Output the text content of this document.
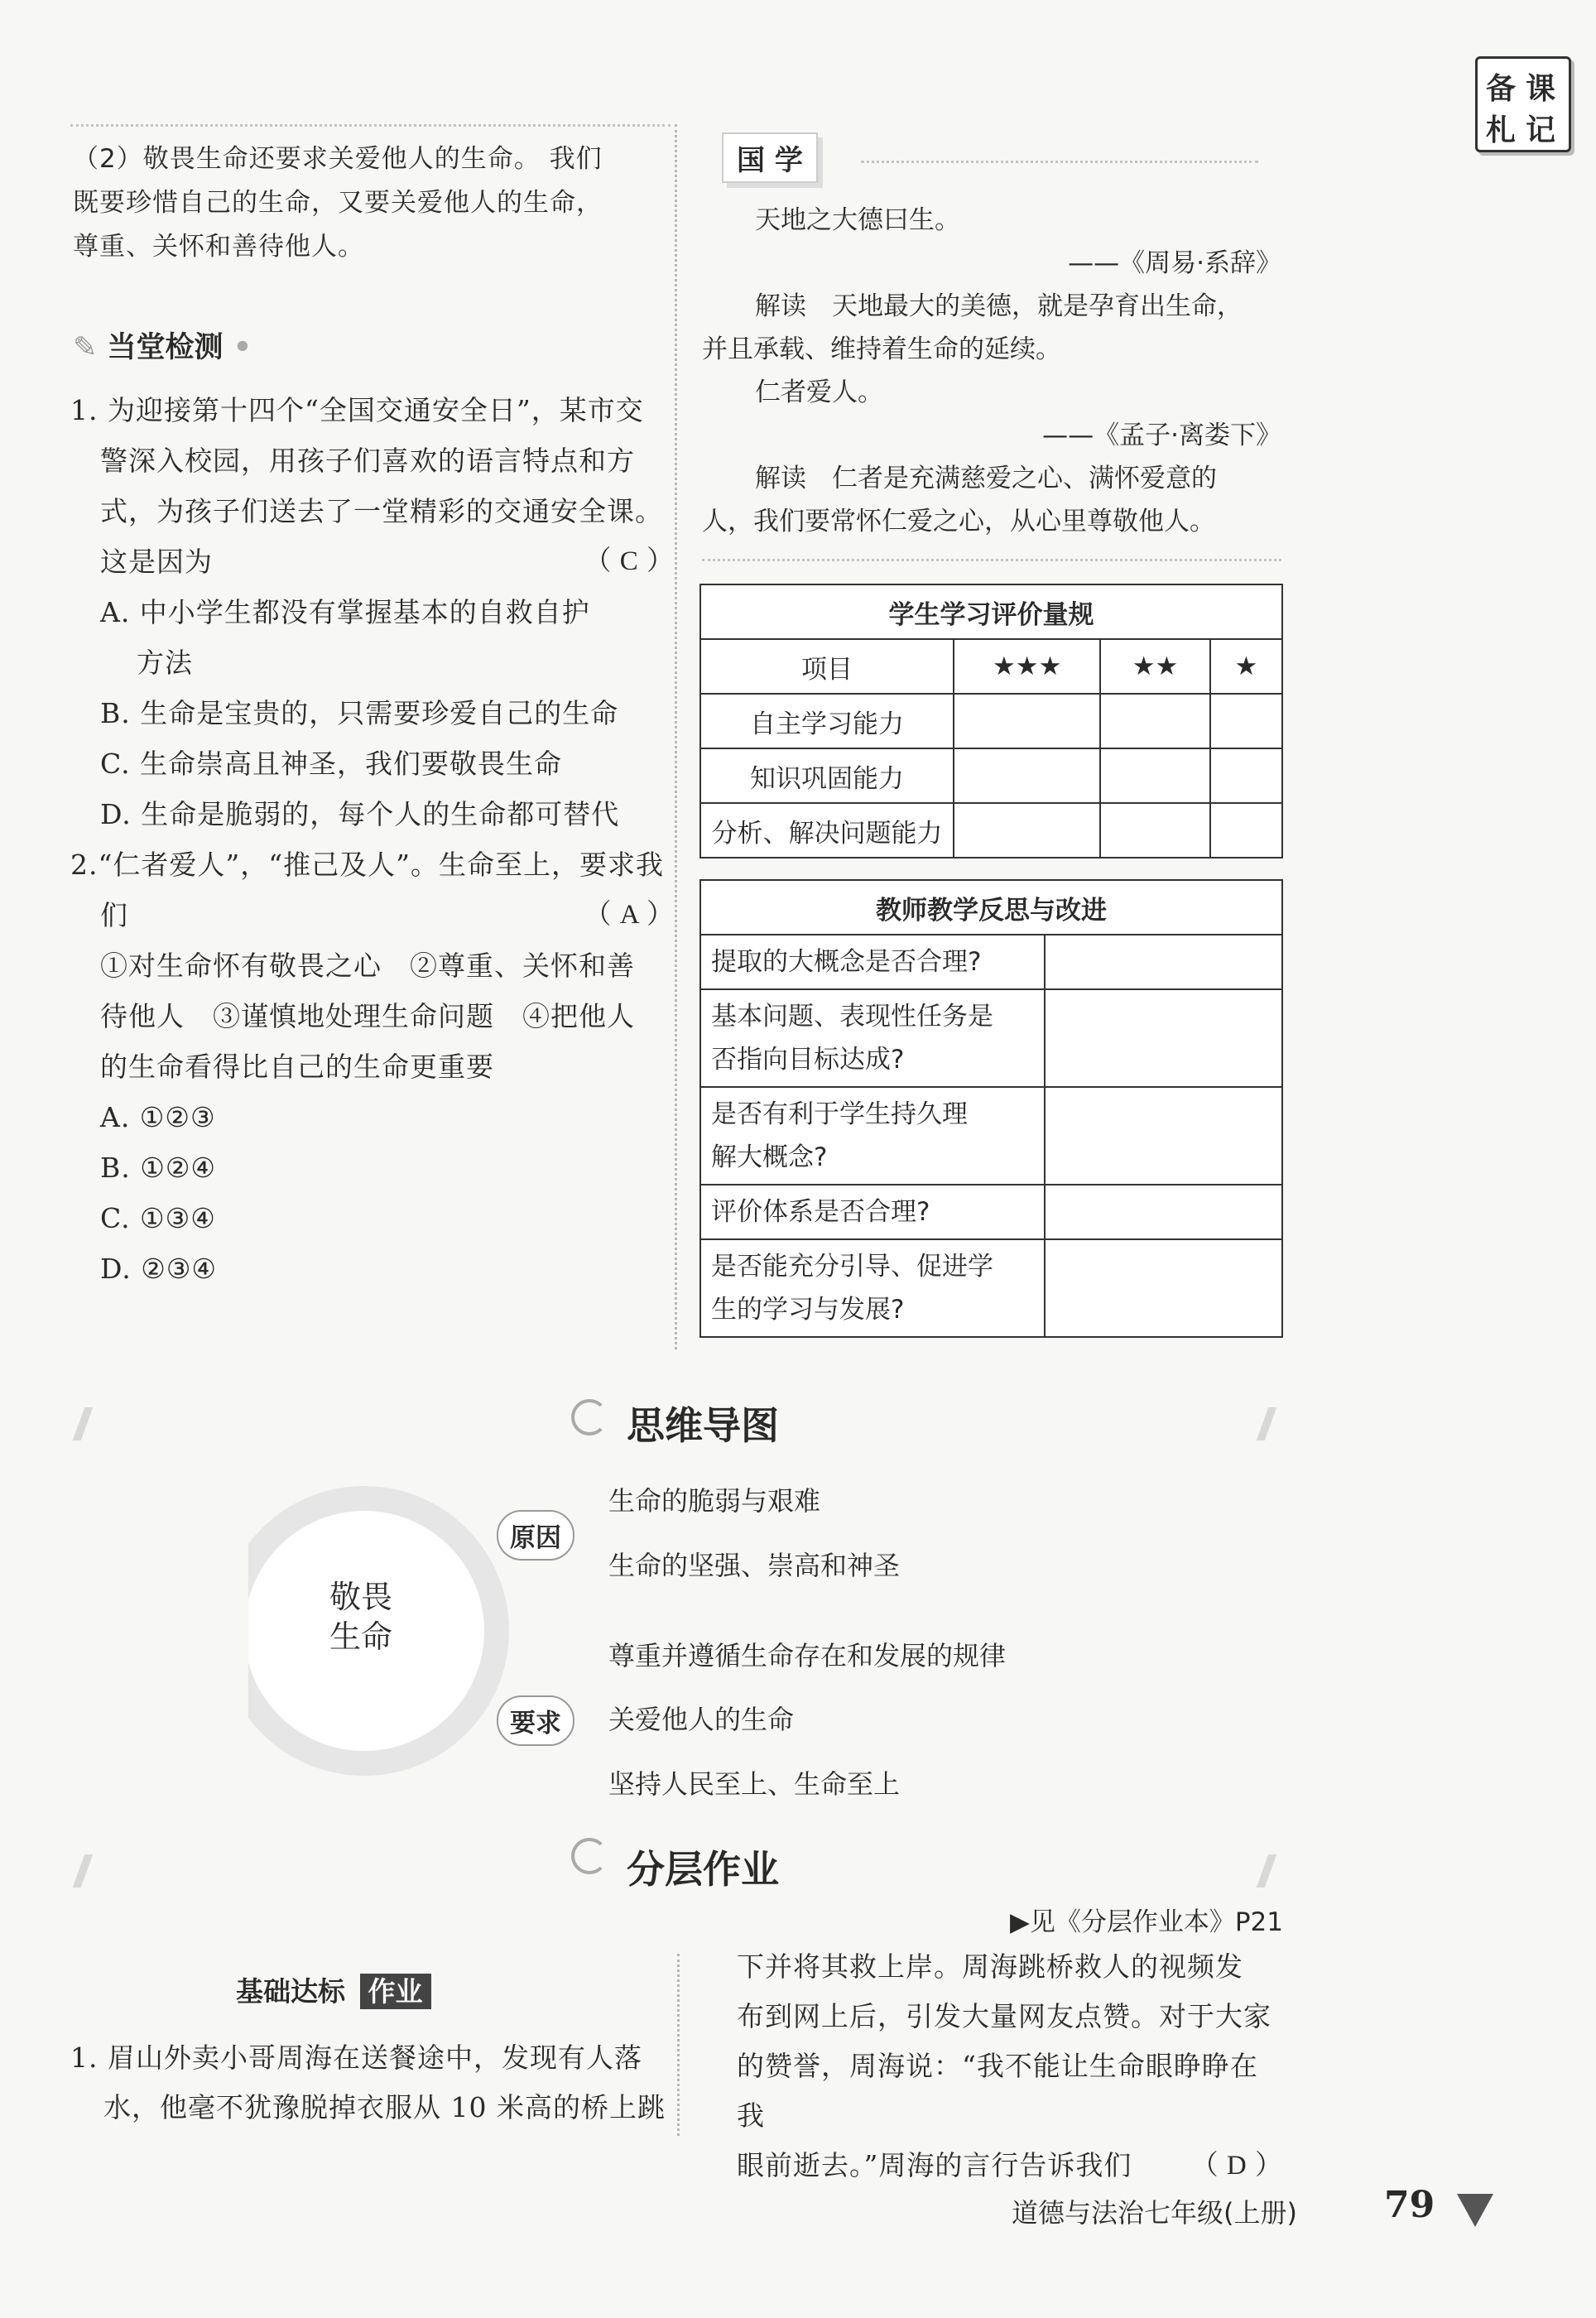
备 课
札 记
（2）敬畏生命还要求关爱他人的生命。 我们
既要珍惜自己的生命，又要关爱他人的生命，
尊重、关怀和善待他人。
✎ 当堂检测 •
1. 为迎接第十四个“全国交通安全日”，某市交
警深入校园，用孩子们喜欢的语言特点和方
式，为孩子们送去了一堂精彩的交通安全课。
这是因为	（ C ）
A. 中小学生都没有掌握基本的自救自护
方法
B. 生命是宝贵的，只需要珍爱自己的生命
C. 生命崇高且神圣，我们要敬畏生命
D. 生命是脆弱的，每个人的生命都可替代
2.“仁者爱人”，“推己及人”。生命至上，要求我
们	（ A ）
①对生命怀有敬畏之心　②尊重、关怀和善
待他人　③谨慎地处理生命问题　④把他人
的生命看得比自己的生命更重要
A. ①②③
B. ①②④
C. ①③④
D. ②③④
国 学
天地之大德曰生。
——《周易·系辞》
解读　天地最大的美德，就是孕育出生命，
并且承载、维持着生命的延续。
仁者爱人。
——《孟子·离娄下》
解读　仁者是充满慈爱之心、满怀爱意的
人，我们要常怀仁爱之心，从心里尊敬他人。
学生学习评价量规			
项目	★★★	★★	★
自主学习能力			
知识巩固能力			
分析、解决问题能力			
教师教学反思与改进	

提取的大概念是否合理?	

基本问题、表现性任务是
否指向目标达成?	

是否有利于学生持久理
解大概念?	

评价体系是否合理?	

是否能充分引导、促进学
生的学习与发展?	

思维导图
敬畏
生命
原因
生命的脆弱与艰难
生命的坚强、崇高和神圣
要求
尊重并遵循生命存在和发展的规律
关爱他人的生命
坚持人民至上、生命至上
分层作业
▶见《分层作业本》P21
基础达标 作业
1. 眉山外卖小哥周海在送餐途中，发现有人落
水，他毫不犹豫脱掉衣服从 10 米高的桥上跳
下并将其救上岸。周海跳桥救人的视频发
布到网上后，引发大量网友点赞。对于大家
的赞誉，周海说：“我不能让生命眼睁睁在我
眼前逝去。”周海的言行告诉我们 （ D ）
道德与法治七年级(上册) 79
